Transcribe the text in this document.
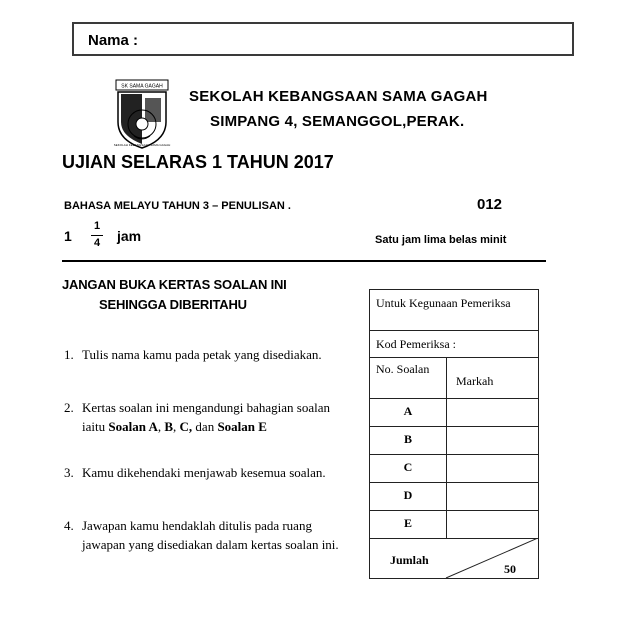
Nama :
SK SAMA GAGAH
SEKOLAH KEBANGSAAN SAMA GAGAH
SEKOLAH KEBANGSAAN SAMA GAGAH
SIMPANG 4, SEMANGGOL,PERAK.
UJIAN SELARAS 1 TAHUN 2017
BAHASA MELAYU TAHUN 3 – PENULISAN .	012
1
1
4 jam	Satu jam lima belas minit
JANGAN BUKA KERTAS SOALAN INI
SEHINGGA DIBERITAHU
1. Tulis nama kamu pada petak yang disediakan.
2. Kertas soalan ini mengandungi bahagian soalan iaitu Soalan A, B, C, dan Soalan E
3. Kamu dikehendaki menjawab kesemua soalan.
4. Jawapan kamu hendaklah ditulis pada ruang jawapan yang disediakan dalam kertas soalan ini.
Untuk Kegunaan Pemeriksa
Kod Pemeriksa :
No. Soalan
Markah
A
B
C
D
E
Jumlah
50
